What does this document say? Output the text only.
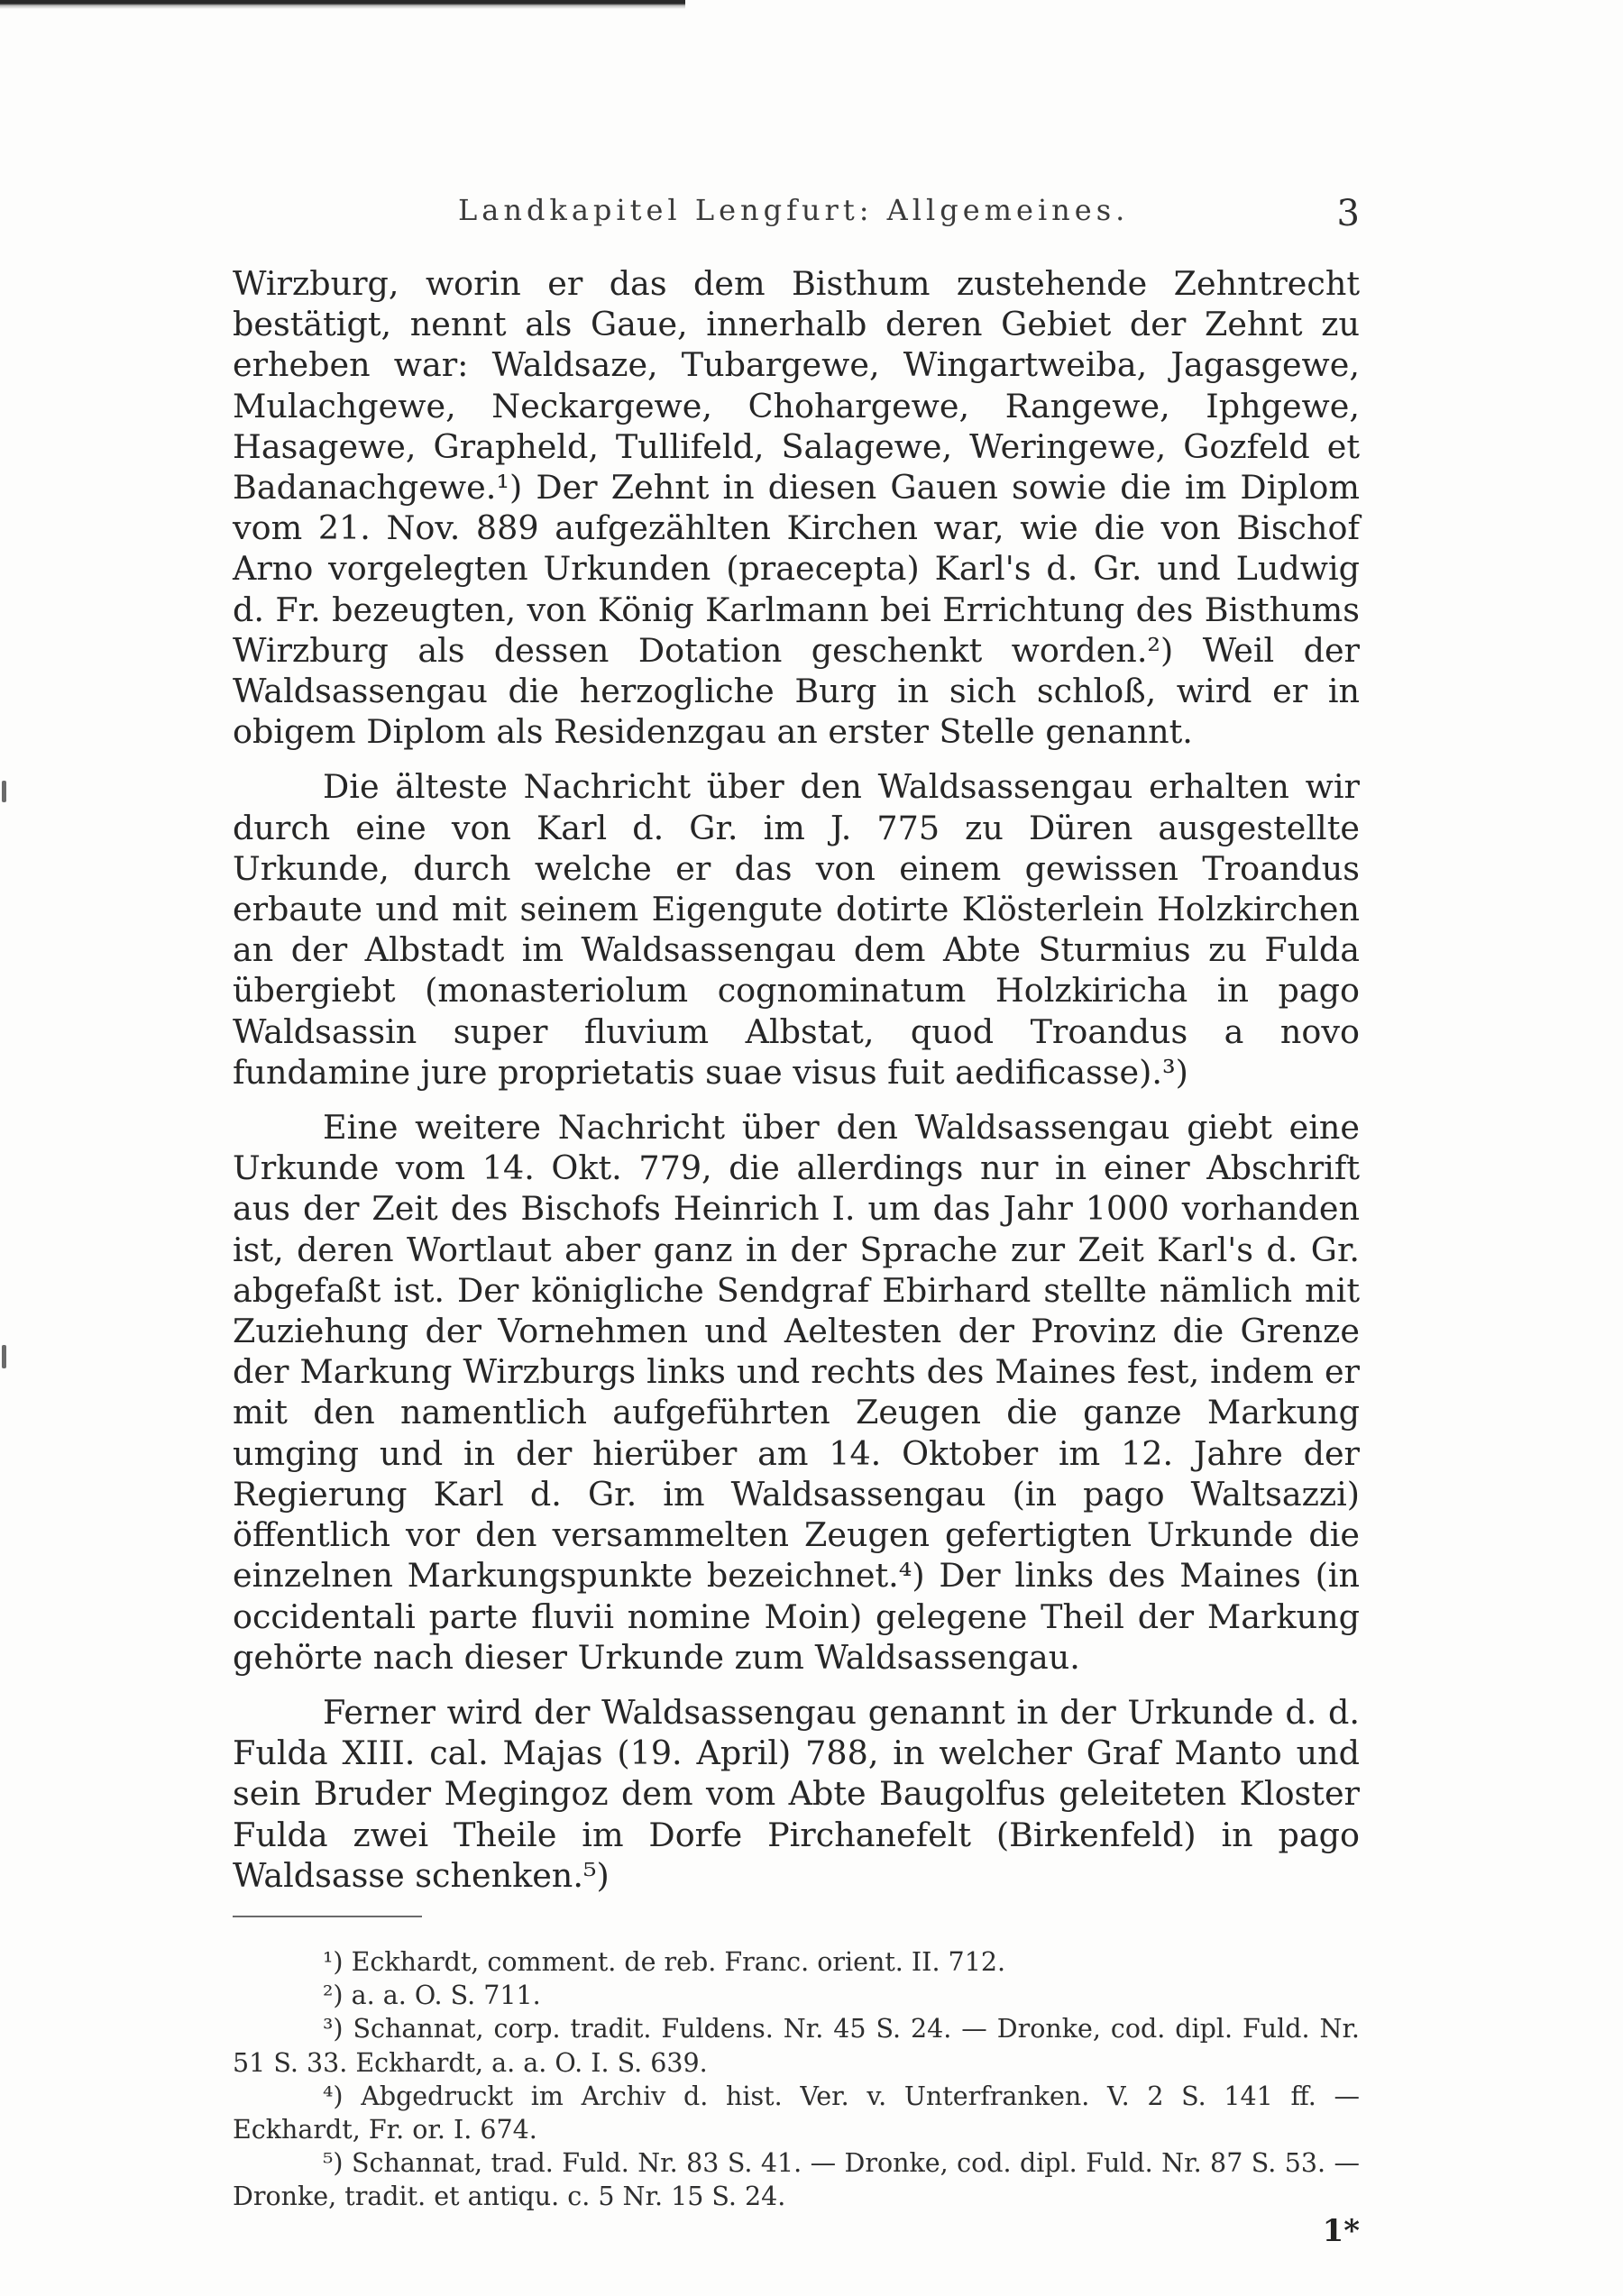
Landkapitel Lengfurt: Allgemeines.	3

Wirzburg, worin er das dem Bisthum zustehende Zehntrecht bestätigt, nennt als Gaue, innerhalb deren Gebiet der Zehnt zu erheben war: Waldsaze, Tubargewe, Wingartweiba, Jagasgewe, Mulachgewe, Neckargewe, Chohargewe, Rangewe, Iphgewe, Hasagewe, Grapheld, Tullifeld, Salagewe, Weringewe, Gozfeld et Badanachgewe.¹) Der Zehnt in diesen Gauen sowie die im Diplom vom 21. Nov. 889 aufgezählten Kirchen war, wie die von Bischof Arno vorgelegten Urkunden (praecepta) Karl's d. Gr. und Ludwig d. Fr. bezeugten, von König Karlmann bei Errichtung des Bisthums Wirzburg als dessen Dotation geschenkt worden.²) Weil der Waldsassengau die herzogliche Burg in sich schloß, wird er in obigem Diplom als Residenzgau an erster Stelle genannt.

Die älteste Nachricht über den Waldsassengau erhalten wir durch eine von Karl d. Gr. im J. 775 zu Düren ausgestellte Urkunde, durch welche er das von einem gewissen Troandus erbaute und mit seinem Eigengute dotirte Klösterlein Holzkirchen an der Albstadt im Waldsassengau dem Abte Sturmius zu Fulda übergiebt (monasteriolum cognominatum Holzkiricha in pago Waldsassin super fluvium Albstat, quod Troandus a novo fundamine jure proprietatis suae visus fuit aedificasse).³)

Eine weitere Nachricht über den Waldsassengau giebt eine Urkunde vom 14. Okt. 779, die allerdings nur in einer Abschrift aus der Zeit des Bischofs Heinrich I. um das Jahr 1000 vorhanden ist, deren Wortlaut aber ganz in der Sprache zur Zeit Karl's d. Gr. abgefaßt ist. Der königliche Sendgraf Ebirhard stellte nämlich mit Zuziehung der Vornehmen und Aeltesten der Provinz die Grenze der Markung Wirzburgs links und rechts des Maines fest, indem er mit den namentlich aufgeführten Zeugen die ganze Markung umging und in der hierüber am 14. Oktober im 12. Jahre der Regierung Karl d. Gr. im Waldsassengau (in pago Waltsazzi) öffentlich vor den versammelten Zeugen gefertigten Urkunde die einzelnen Markungspunkte bezeichnet.⁴) Der links des Maines (in occidentali parte fluvii nomine Moin) gelegene Theil der Markung gehörte nach dieser Urkunde zum Waldsassengau.

Ferner wird der Waldsassengau genannt in der Urkunde d. d. Fulda XIII. cal. Majas (19. April) 788, in welcher Graf Manto und sein Bruder Megingoz dem vom Abte Baugolfus geleiteten Kloster Fulda zwei Theile im Dorfe Pirchanefelt (Birkenfeld) in pago Waldsasse schenken.⁵)

¹) Eckhardt, comment. de reb. Franc. orient. II. 712.

²) a. a. O. S. 711.

³) Schannat, corp. tradit. Fuldens. Nr. 45 S. 24. — Dronke, cod. dipl. Fuld. Nr. 51 S. 33. Eckhardt, a. a. O. I. S. 639.

⁴) Abgedruckt im Archiv d. hist. Ver. v. Unterfranken. V. 2 S. 141 ff. — Eckhardt, Fr. or. I. 674.

⁵) Schannat, trad. Fuld. Nr. 83 S. 41. — Dronke, cod. dipl. Fuld. Nr. 87 S. 53. — Dronke, tradit. et antiqu. c. 5 Nr. 15 S. 24.

1*
